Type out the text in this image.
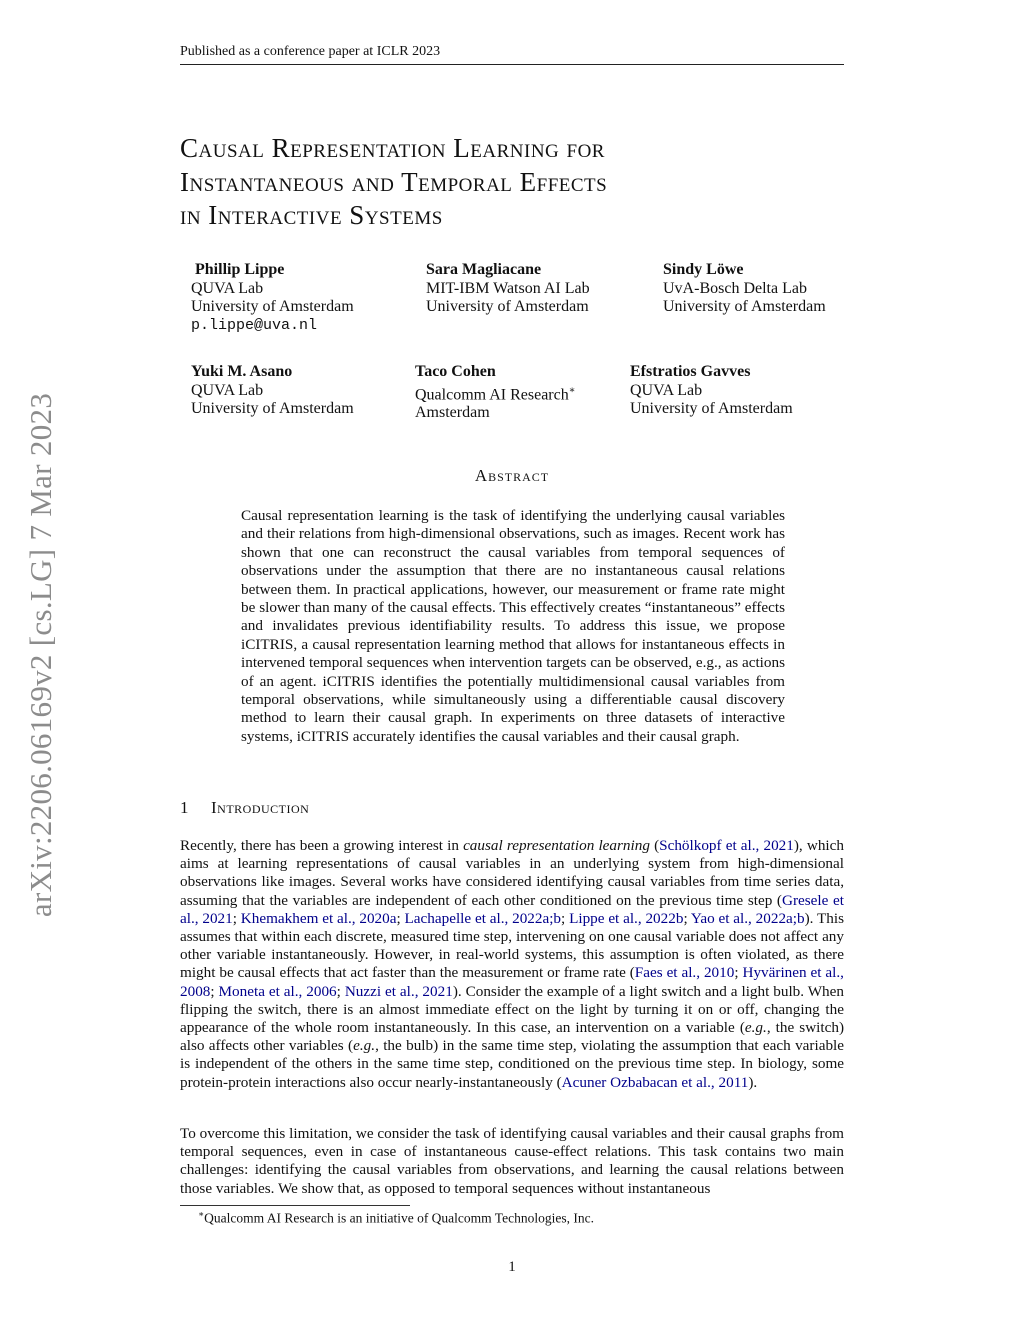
Published as a conference paper at ICLR 2023
arXiv:2206.06169v2 [cs.LG] 7 Mar 2023
Causal Representation Learning for
Instantaneous and Temporal Effects
in Interactive Systems
Phillip Lippe
QUVA Lab
University of Amsterdam
p.lippe@uva.nl
Sara Magliacane
MIT-IBM Watson AI Lab
University of Amsterdam
Sindy Löwe
UvA-Bosch Delta Lab
University of Amsterdam
Yuki M. Asano
QUVA Lab
University of Amsterdam
Taco Cohen
Qualcomm AI Research∗
Amsterdam
Efstratios Gavves
QUVA Lab
University of Amsterdam
Abstract
Causal representation learning is the task of identifying the underlying causal variables and their relations from high-dimensional observations, such as images. Recent work has shown that one can reconstruct the causal variables from temporal sequences of observations under the assumption that there are no instantaneous causal relations between them. In practical applications, however, our measurement or frame rate might be slower than many of the causal effects. This effectively creates “instantaneous” effects and invalidates previous identifiability results. To address this issue, we propose iCITRIS, a causal representation learning method that allows for instantaneous effects in intervened temporal sequences when intervention targets can be observed, e.g., as actions of an agent. iCITRIS identifies the potentially multidimensional causal variables from temporal observations, while simultaneously using a differentiable causal discovery method to learn their causal graph. In experiments on three datasets of interactive systems, iCITRIS accurately identifies the causal variables and their causal graph.
1 Introduction
Recently, there has been a growing interest in causal representation learning (Schölkopf et al., 2021), which aims at learning representations of causal variables in an underlying system from high-dimensional observations like images. Several works have considered identifying causal variables from time series data, assuming that the variables are independent of each other conditioned on the previous time step (Gresele et al., 2021; Khemakhem et al., 2020a; Lachapelle et al., 2022a;b; Lippe et al., 2022b; Yao et al., 2022a;b). This assumes that within each discrete, measured time step, intervening on one causal variable does not affect any other variable instantaneously. However, in real-world systems, this assumption is often violated, as there might be causal effects that act faster than the measurement or frame rate (Faes et al., 2010; Hyvärinen et al., 2008; Moneta et al., 2006; Nuzzi et al., 2021). Consider the example of a light switch and a light bulb. When flipping the switch, there is an almost immediate effect on the light by turning it on or off, changing the appearance of the whole room instantaneously. In this case, an intervention on a variable (e.g., the switch) also affects other variables (e.g., the bulb) in the same time step, violating the assumption that each variable is independent of the others in the same time step, conditioned on the previous time step. In biology, some protein-protein interactions also occur nearly-instantaneously (Acuner Ozbabacan et al., 2011).
To overcome this limitation, we consider the task of identifying causal variables and their causal graphs from temporal sequences, even in case of instantaneous cause-effect relations. This task contains two main challenges: identifying the causal variables from observations, and learning the causal relations between those variables. We show that, as opposed to temporal sequences without instantaneous
∗Qualcomm AI Research is an initiative of Qualcomm Technologies, Inc.
1
